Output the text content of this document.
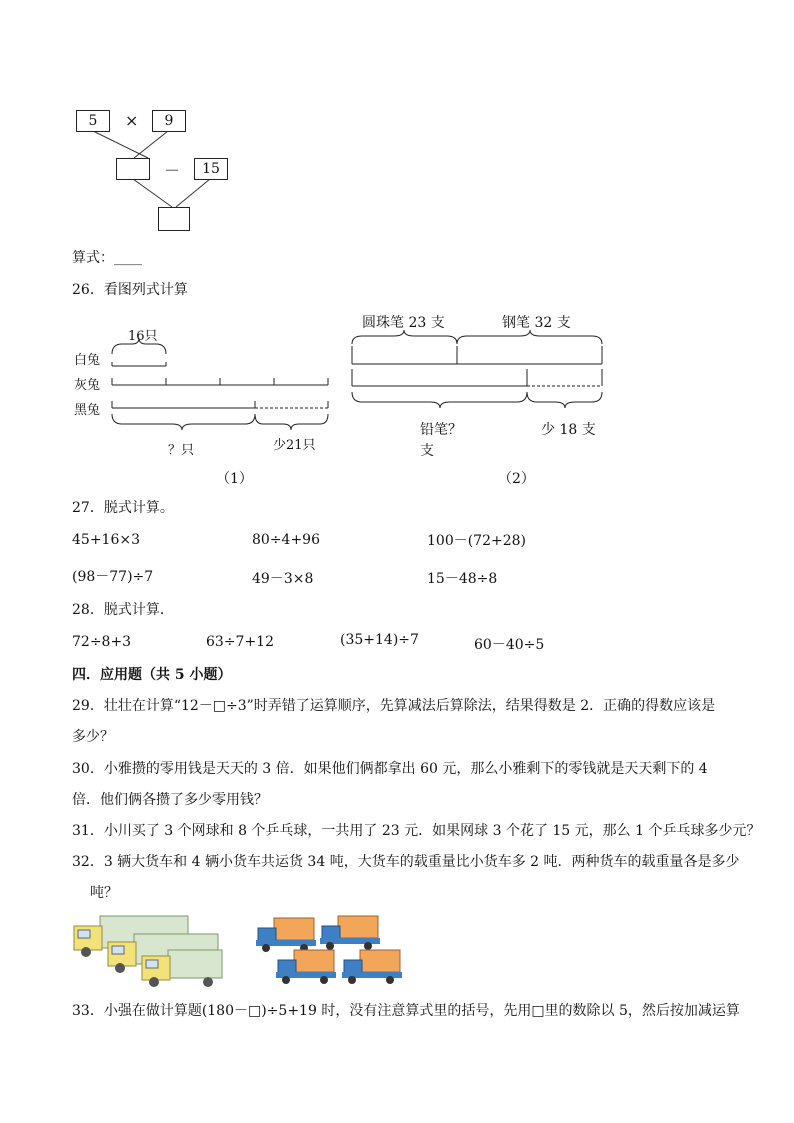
5 × 9
－ 15
算式：____
26．看图列式计算
16只
白兔
灰兔
黑兔
？只	少21只
（1）
圆珠笔 23 支	钢笔 32 支
铅笔？
支
少 18 支
（2）
27．脱式计算。
45+16×3	80÷4+96	100－(72+28)
(98－77)÷7	49－3×8	15－48÷8
28．脱式计算．
72÷8+3	63÷7+12	(35+14)÷7	60－40÷5
四．应用题（共 5 小题）
29．壮壮在计算“12－□÷3”时弄错了运算顺序，先算减法后算除法，结果得数是 2．正确的得数应该是
多少？
30．小雅攒的零用钱是天天的 3 倍．如果他们俩都拿出 60 元，那么小雅剩下的零钱就是天天剩下的 4
倍．他们俩各攒了多少零用钱？
31．小川买了 3 个网球和 8 个乒乓球，一共用了 23 元．如果网球 3 个花了 15 元，那么 1 个乒乓球多少元？
32．3 辆大货车和 4 辆小货车共运货 34 吨，大货车的载重量比小货车多 2 吨．两种货车的载重量各是多少
吨？
33．小强在做计算题(180－□)÷5+19 时，没有注意算式里的括号，先用□里的数除以 5，然后按加减运算
